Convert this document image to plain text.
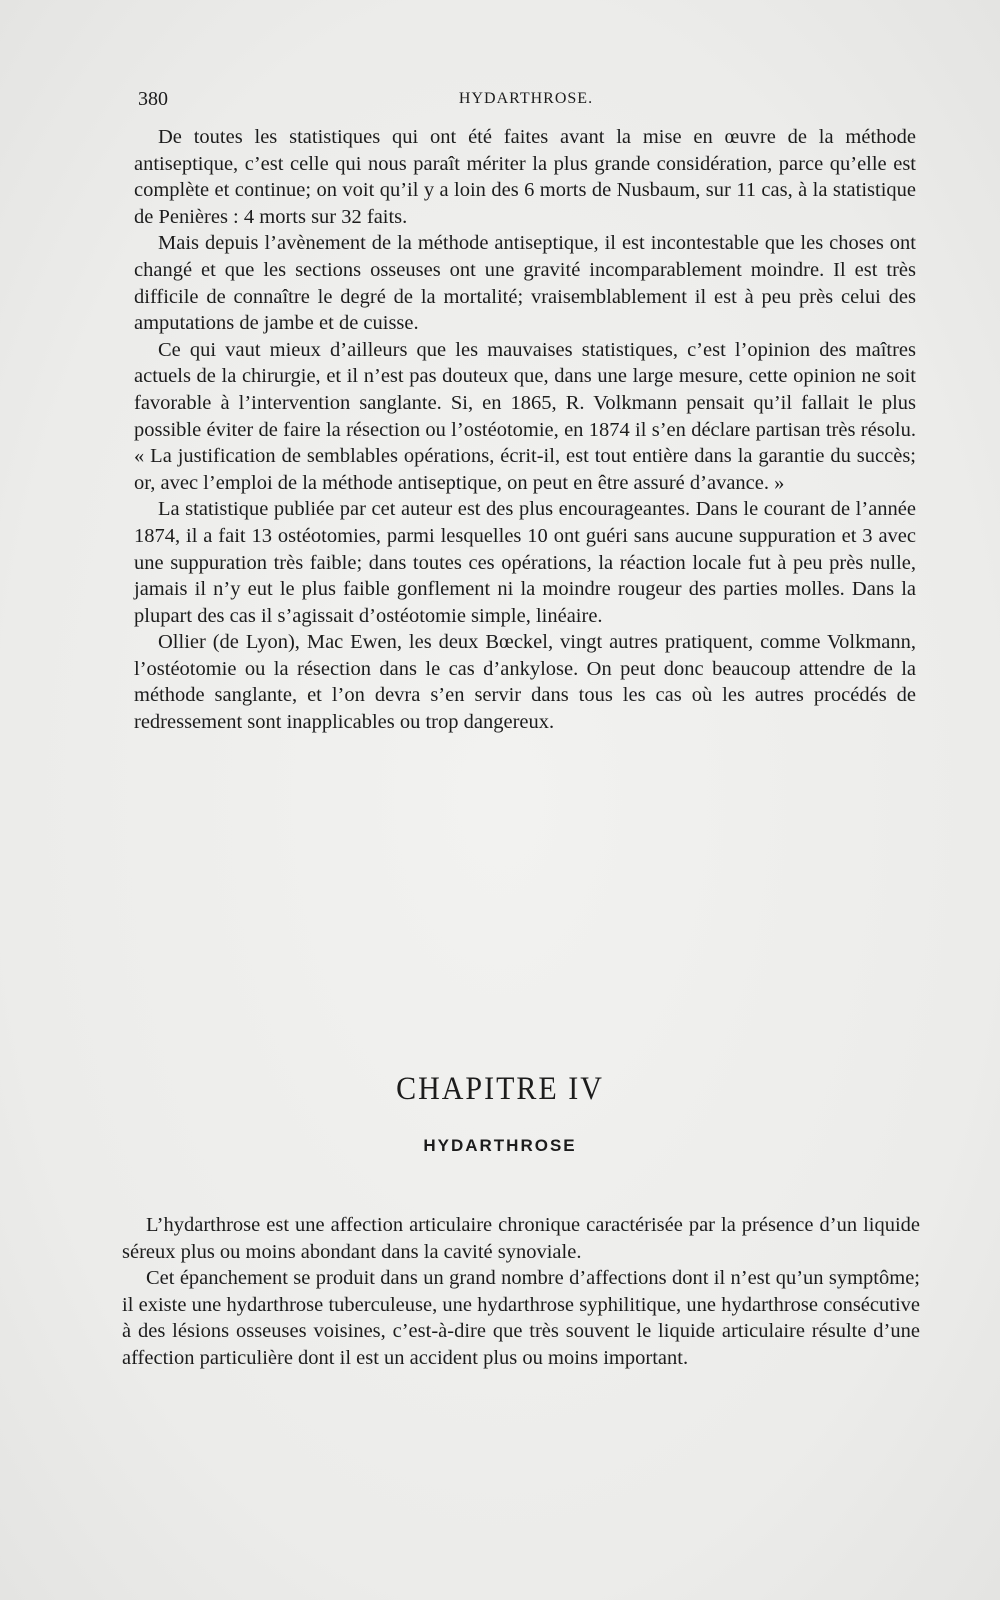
380	HYDARTHROSE.

De toutes les statistiques qui ont été faites avant la mise en œuvre de la méthode antiseptique, c’est celle qui nous paraît mériter la plus grande considération, parce qu’elle est complète et continue; on voit qu’il y a loin des 6 morts de Nusbaum, sur 11 cas, à la statistique de Penières : 4 morts sur 32 faits.

Mais depuis l’avènement de la méthode antiseptique, il est incontestable que les choses ont changé et que les sections osseuses ont une gravité incomparablement moindre. Il est très difficile de connaître le degré de la mortalité; vraisemblablement il est à peu près celui des amputations de jambe et de cuisse.

Ce qui vaut mieux d’ailleurs que les mauvaises statistiques, c’est l’opinion des maîtres actuels de la chirurgie, et il n’est pas douteux que, dans une large mesure, cette opinion ne soit favorable à l’intervention sanglante. Si, en 1865, R. Volkmann pensait qu’il fallait le plus possible éviter de faire la résection ou l’ostéotomie, en 1874 il s’en déclare partisan très résolu. « La justification de semblables opérations, écrit-il, est tout entière dans la garantie du succès; or, avec l’emploi de la méthode antiseptique, on peut en être assuré d’avance. »

La statistique publiée par cet auteur est des plus encourageantes. Dans le courant de l’année 1874, il a fait 13 ostéotomies, parmi lesquelles 10 ont guéri sans aucune suppuration et 3 avec une suppuration très faible; dans toutes ces opérations, la réaction locale fut à peu près nulle, jamais il n’y eut le plus faible gonflement ni la moindre rougeur des parties molles. Dans la plupart des cas il s’agissait d’ostéotomie simple, linéaire.

Ollier (de Lyon), Mac Ewen, les deux Bœckel, vingt autres pratiquent, comme Volkmann, l’ostéotomie ou la résection dans le cas d’ankylose. On peut donc beaucoup attendre de la méthode sanglante, et l’on devra s’en servir dans tous les cas où les autres procédés de redressement sont inapplicables ou trop dangereux.

CHAPITRE IV
HYDARTHROSE

L’hydarthrose est une affection articulaire chronique caractérisée par la présence d’un liquide séreux plus ou moins abondant dans la cavité synoviale.

Cet épanchement se produit dans un grand nombre d’affections dont il n’est qu’un symptôme; il existe une hydarthrose tuberculeuse, une hydarthrose syphilitique, une hydarthrose consécutive à des lésions osseuses voisines, c’est-à-dire que très souvent le liquide articulaire résulte d’une affection particulière dont il est un accident plus ou moins important.
